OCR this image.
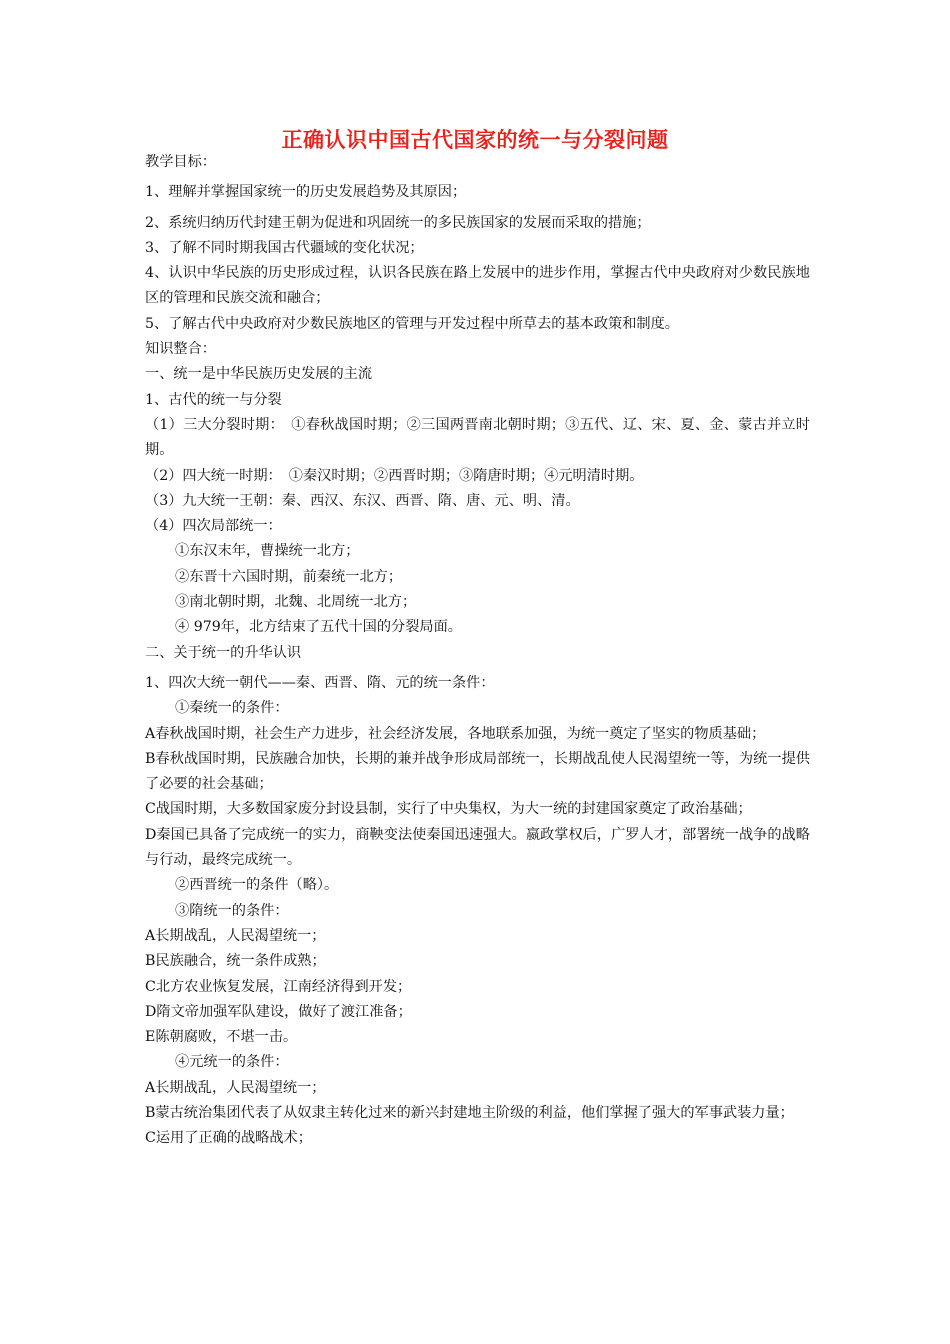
正确认识中国古代国家的统一与分裂问题
教学目标：
1、理解并掌握国家统一的历史发展趋势及其原因；
2、系统归纳历代封建王朝为促进和巩固统一的多民族国家的发展而采取的措施；
3、了解不同时期我国古代疆域的变化状况；
4、认识中华民族的历史形成过程，认识各民族在路上发展中的进步作用，掌握古代中央政府对少数民族地区的管理和民族交流和融合；
5、了解古代中央政府对少数民族地区的管理与开发过程中所草去的基本政策和制度。
知识整合：
一、统一是中华民族历史发展的主流
1、古代的统一与分裂
（1）三大分裂时期：　①春秋战国时期；②三国两晋南北朝时期；③五代、辽、宋、夏、金、蒙古并立时期。
（2）四大统一时期：　①秦汉时期；②西晋时期；③隋唐时期；④元明清时期。
（3）九大统一王朝：秦、西汉、东汉、西晋、隋、唐、元、明、清。
（4）四次局部统一：
①东汉末年，曹操统一北方；
②东晋十六国时期，前秦统一北方；
③南北朝时期，北魏、北周统一北方；
④ 979年，北方结束了五代十国的分裂局面。
二、关于统一的升华认识
1、四次大统一朝代——秦、西晋、隋、元的统一条件：
①秦统一的条件：
A春秋战国时期，社会生产力进步，社会经济发展，各地联系加强，为统一奠定了坚实的物质基础；
B春秋战国时期，民族融合加快，长期的兼并战争形成局部统一，长期战乱使人民渴望统一等，为统一提供了必要的社会基础；
C战国时期，大多数国家废分封设县制，实行了中央集权，为大一统的封建国家奠定了政治基础；
D秦国已具备了完成统一的实力，商鞅变法使秦国迅速强大。嬴政掌权后，广罗人才，部署统一战争的战略与行动，最终完成统一。
②西晋统一的条件（略）。
③隋统一的条件：
A长期战乱，人民渴望统一；
B民族融合，统一条件成熟；
C北方农业恢复发展，江南经济得到开发；
D隋文帝加强军队建设，做好了渡江准备；
E陈朝腐败，不堪一击。
④元统一的条件：
A长期战乱，人民渴望统一；
B蒙古统治集团代表了从奴隶主转化过来的新兴封建地主阶级的利益，他们掌握了强大的军事武装力量；
C运用了正确的战略战术；
